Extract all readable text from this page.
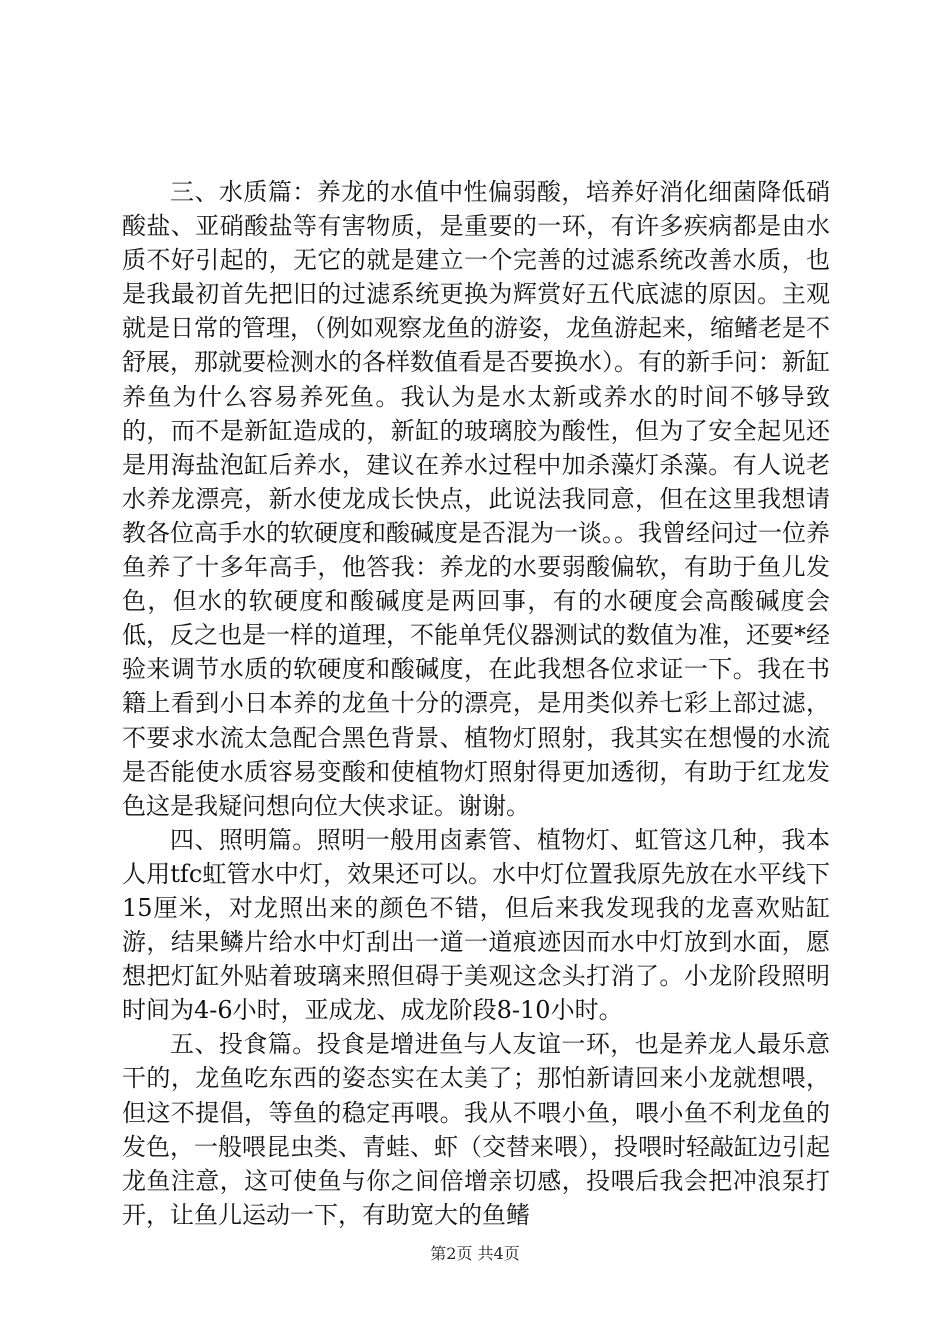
三、水质篇：养龙的水值中性偏弱酸，培养好消化细菌降低硝酸盐、亚硝酸盐等有害物质，是重要的一环，有许多疾病都是由水质不好引起的，无它的就是建立一个完善的过滤系统改善水质，也是我最初首先把旧的过滤系统更换为辉赏好五代底滤的原因。主观就是日常的管理，（例如观察龙鱼的游姿，龙鱼游起来，缩鳍老是不舒展，那就要检测水的各样数值看是否要换水）。有的新手问：新缸养鱼为什么容易养死鱼。我认为是水太新或养水的时间不够导致的，而不是新缸造成的，新缸的玻璃胶为酸性，但为了安全起见还是用海盐泡缸后养水，建议在养水过程中加杀藻灯杀藻。有人说老水养龙漂亮，新水使龙成长快点，此说法我同意，但在这里我想请教各位高手水的软硬度和酸碱度是否混为一谈。。我曾经问过一位养鱼养了十多年高手，他答我：养龙的水要弱酸偏软，有助于鱼儿发色，但水的软硬度和酸碱度是两回事，有的水硬度会高酸碱度会低，反之也是一样的道理，不能单凭仪器测试的数值为准，还要*经验来调节水质的软硬度和酸碱度，在此我想各位求证一下。我在书籍上看到小日本养的龙鱼十分的漂亮，是用类似养七彩上部过滤，不要求水流太急配合黑色背景、植物灯照射，我其实在想慢的水流是否能使水质容易变酸和使植物灯照射得更加透彻，有助于红龙发色这是我疑问想向位大侠求证。谢谢。

四、照明篇。照明一般用卤素管、植物灯、虹管这几种，我本人用tfc虹管水中灯，效果还可以。水中灯位置我原先放在水平线下15厘米，对龙照出来的颜色不错，但后来我发现我的龙喜欢贴缸游，结果鳞片给水中灯刮出一道一道痕迹因而水中灯放到水面，愿想把灯缸外贴着玻璃来照但碍于美观这念头打消了。小龙阶段照明时间为4-6小时，亚成龙、成龙阶段8-10小时。

五、投食篇。投食是增进鱼与人友谊一环，也是养龙人最乐意干的，龙鱼吃东西的姿态实在太美了；那怕新请回来小龙就想喂，但这不提倡，等鱼的稳定再喂。我从不喂小鱼，喂小鱼不利龙鱼的发色，一般喂昆虫类、青蛙、虾（交替来喂），投喂时轻敲缸边引起龙鱼注意，这可使鱼与你之间倍增亲切感，投喂后我会把冲浪泵打开，让鱼儿运动一下，有助宽大的鱼鳍

第2页 共4页
